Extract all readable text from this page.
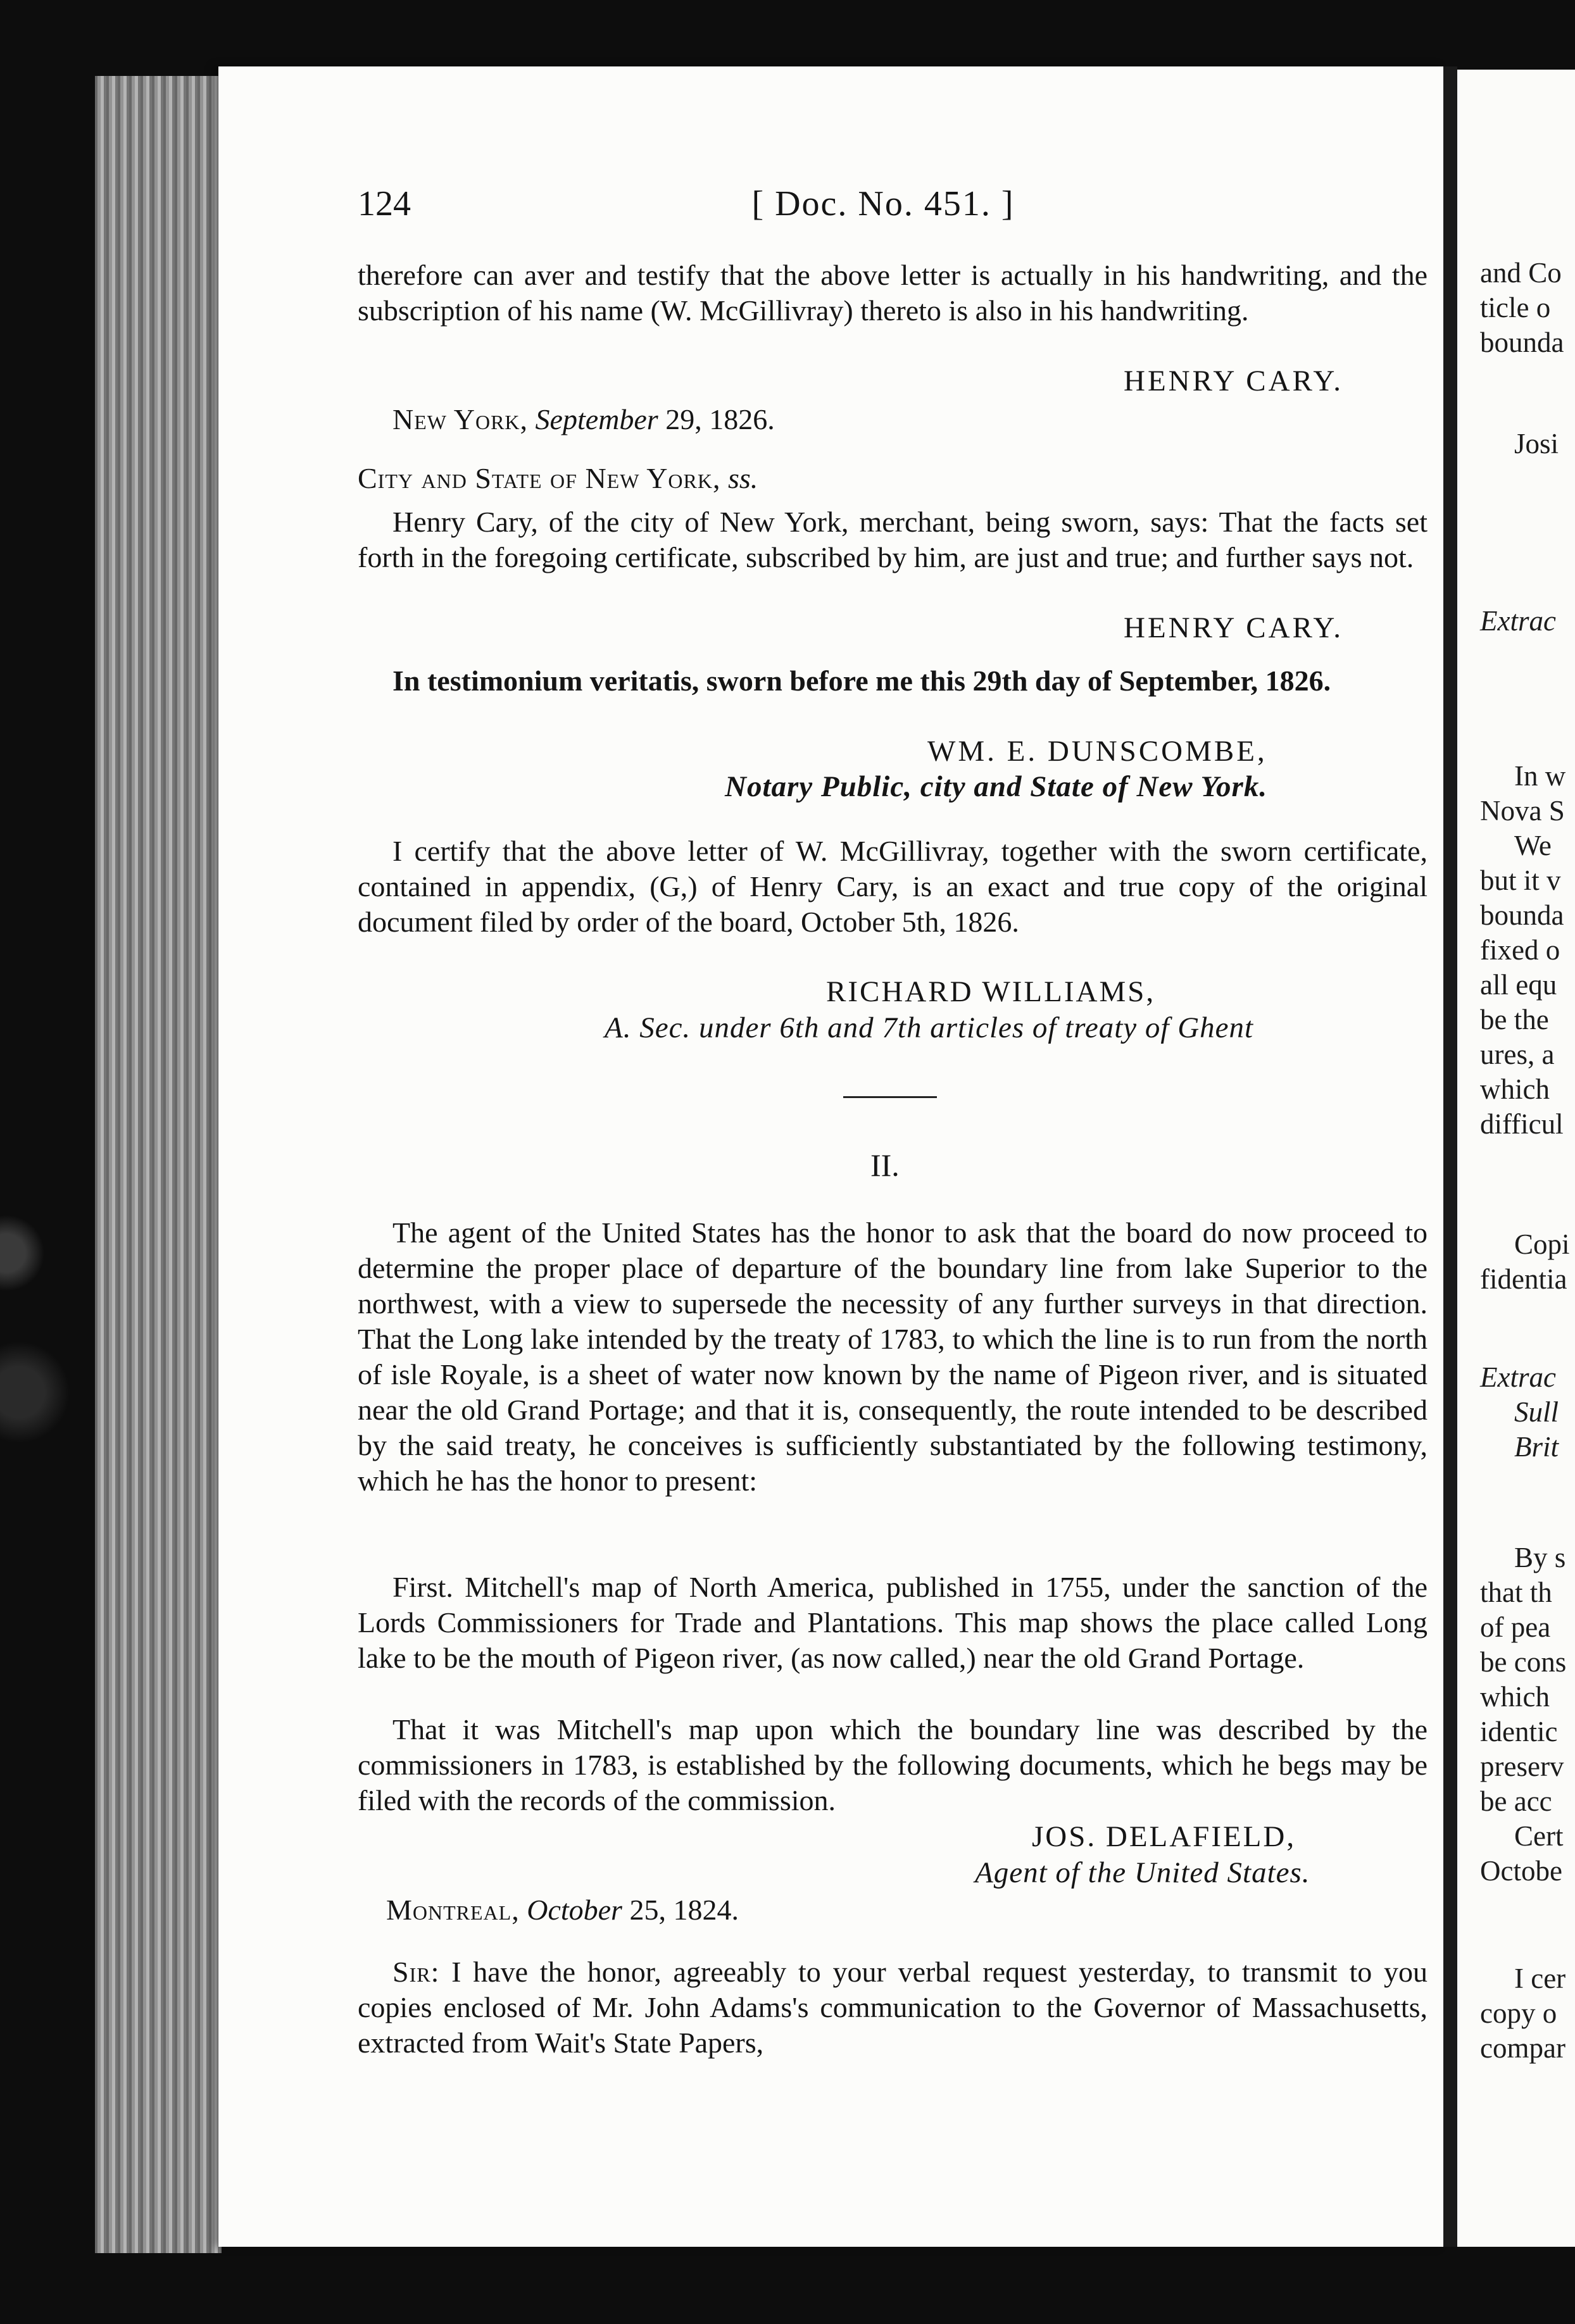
and Co
ticle o
bounda
Josi
Extrac
In w
Nova S
We
but it v
bounda
fixed o
all equ
be the
ures, a
which
difficul
Copi
fidentia
Extrac
Sull
Brit
By s
that th
of pea
be cons
which
identic
preserv
be acc
Cert
Octobe
I cer
copy o
compar
124	[ Doc. No. 451. ]
therefore can aver and testify that the above letter is actually in his handwriting, and the subscription of his name (W. McGillivray) thereto is also in his handwriting.
HENRY CARY.
New York, September 29, 1826.
City and State of New York, ss.
Henry Cary, of the city of New York, merchant, being sworn, says: That the facts set forth in the foregoing certificate, subscribed by him, are just and true; and further says not.
HENRY CARY.
In testimonium veritatis, sworn before me this 29th day of September, 1826.
WM. E. DUNSCOMBE,
Notary Public, city and State of New York.
I certify that the above letter of W. McGillivray, together with the sworn certificate, contained in appendix, (G,) of Henry Cary, is an exact and true copy of the original document filed by order of the board, October 5th, 1826.
RICHARD WILLIAMS,
A. Sec. under 6th and 7th articles of treaty of Ghent
II.
The agent of the United States has the honor to ask that the board do now proceed to determine the proper place of departure of the boundary line from lake Superior to the northwest, with a view to supersede the necessity of any further surveys in that direction. That the Long lake intended by the treaty of 1783, to which the line is to run from the north of isle Royale, is a sheet of water now known by the name of Pigeon river, and is situated near the old Grand Portage; and that it is, consequently, the route intended to be described by the said treaty, he conceives is sufficiently substantiated by the following testimony, which he has the honor to present:
First. Mitchell's map of North America, published in 1755, under the sanction of the Lords Commissioners for Trade and Plantations. This map shows the place called Long lake to be the mouth of Pigeon river, (as now called,) near the old Grand Portage.
That it was Mitchell's map upon which the boundary line was described by the commissioners in 1783, is established by the following documents, which he begs may be filed with the records of the commission.
JOS. DELAFIELD,
Agent of the United States.
Montreal, October 25, 1824.
Sir: I have the honor, agreeably to your verbal request yesterday, to transmit to you copies enclosed of Mr. John Adams's communication to the Governor of Massachusetts, extracted from Wait's State Papers,
